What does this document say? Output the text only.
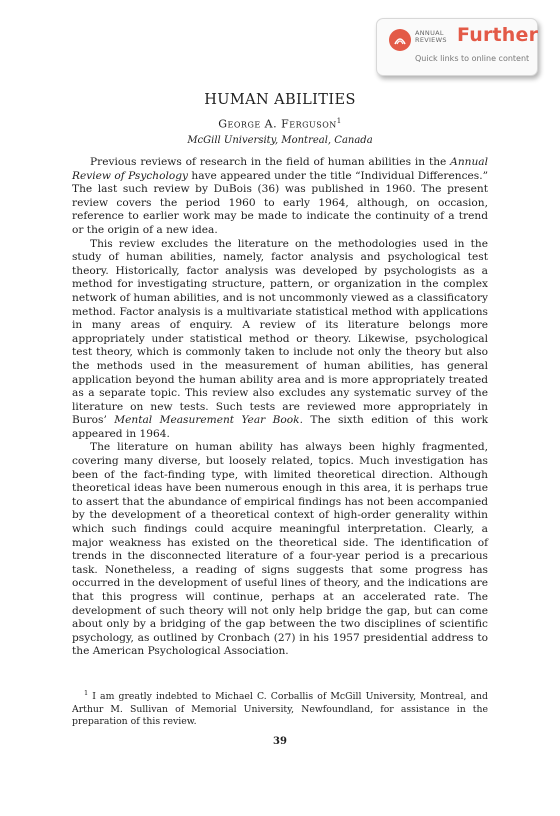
ANNUAL
REVIEWS Further
Quick links to online content
HUMAN ABILITIES
George A. Ferguson$^1$
McGill University, Montreal, Canada

Previous reviews of research in the field of human abilities in the Annual Review of Psychology have appeared under the title “Individual Differences.” The last such review by DuBois (36) was published in 1960. The present review covers the period 1960 to early 1964, although, on occasion, reference to earlier work may be made to indicate the continuity of a trend or the origin of a new idea.

This review excludes the literature on the methodologies used in the study of human abilities, namely, factor analysis and psychological test theory. Historically, factor analysis was developed by psychologists as a method for investigating structure, pattern, or organization in the complex network of human abilities, and is not uncommonly viewed as a classificatory method. Factor analysis is a multivariate statistical method with applications in many areas of enquiry. A review of its literature belongs more appropriately under statistical method or theory. Likewise, psychological test theory, which is commonly taken to include not only the theory but also the methods used in the measurement of human abilities, has general application beyond the human ability area and is more appropriately treated as a separate topic. This review also excludes any systematic survey of the literature on new tests. Such tests are reviewed more appropriately in Buros’ Mental Measurement Year Book. The sixth edition of this work appeared in 1964.

The literature on human ability has always been highly fragmented, covering many diverse, but loosely related, topics. Much investigation has been of the fact-finding type, with limited theoretical direction. Although theoretical ideas have been numerous enough in this area, it is perhaps true to assert that the abundance of empirical findings has not been accompanied by the development of a theoretical context of high-order generality within which such findings could acquire meaningful interpretation. Clearly, a major weakness has existed on the theoretical side. The identification of trends in the disconnected literature of a four-year period is a precarious task. Nonetheless, a reading of signs suggests that some progress has occurred in the development of useful lines of theory, and the indications are that this progress will continue, perhaps at an accelerated rate. The development of such theory will not only help bridge the gap, but can come about only by a bridging of the gap between the two disciplines of scientific psychology, as outlined by Cronbach (27) in his 1957 presidential address to the American Psychological Association.

$^1$ I am greatly indebted to Michael C. Corballis of McGill University, Montreal, and Arthur M. Sullivan of Memorial University, Newfoundland, for assistance in the preparation of this review.
39
